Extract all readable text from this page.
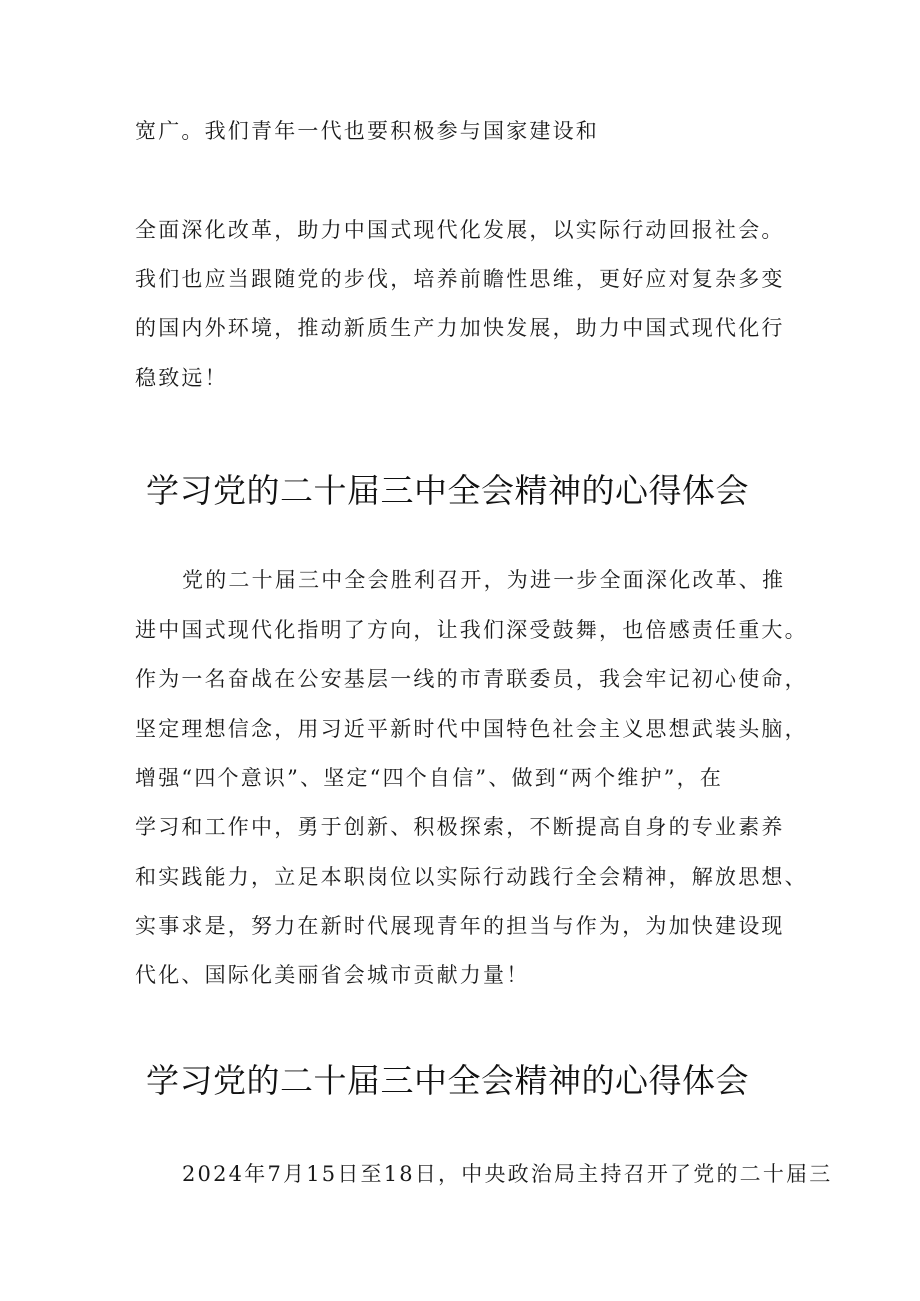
宽广。我们青年一代也要积极参与国家建设和
全面深化改革，助力中国式现代化发展，以实际行动回报社会。
我们也应当跟随党的步伐，培养前瞻性思维，更好应对复杂多变
的国内外环境，推动新质生产力加快发展，助力中国式现代化行
稳致远！
学习党的二十届三中全会精神的心得体会
党的二十届三中全会胜利召开，为进一步全面深化改革、推
进中国式现代化指明了方向，让我们深受鼓舞，也倍感责任重大。
作为一名奋战在公安基层一线的市青联委员，我会牢记初心使命，
坚定理想信念，用习近平新时代中国特色社会主义思想武装头脑，
增强“四个意识”、坚定“四个自信”、做到“两个维护”，在
学习和工作中，勇于创新、积极探索，不断提高自身的专业素养
和实践能力，立足本职岗位以实际行动践行全会精神，解放思想、
实事求是，努力在新时代展现青年的担当与作为，为加快建设现
代化、国际化美丽省会城市贡献力量！
学习党的二十届三中全会精神的心得体会
2024年7月15日至18日，中央政治局主持召开了党的二十届三
